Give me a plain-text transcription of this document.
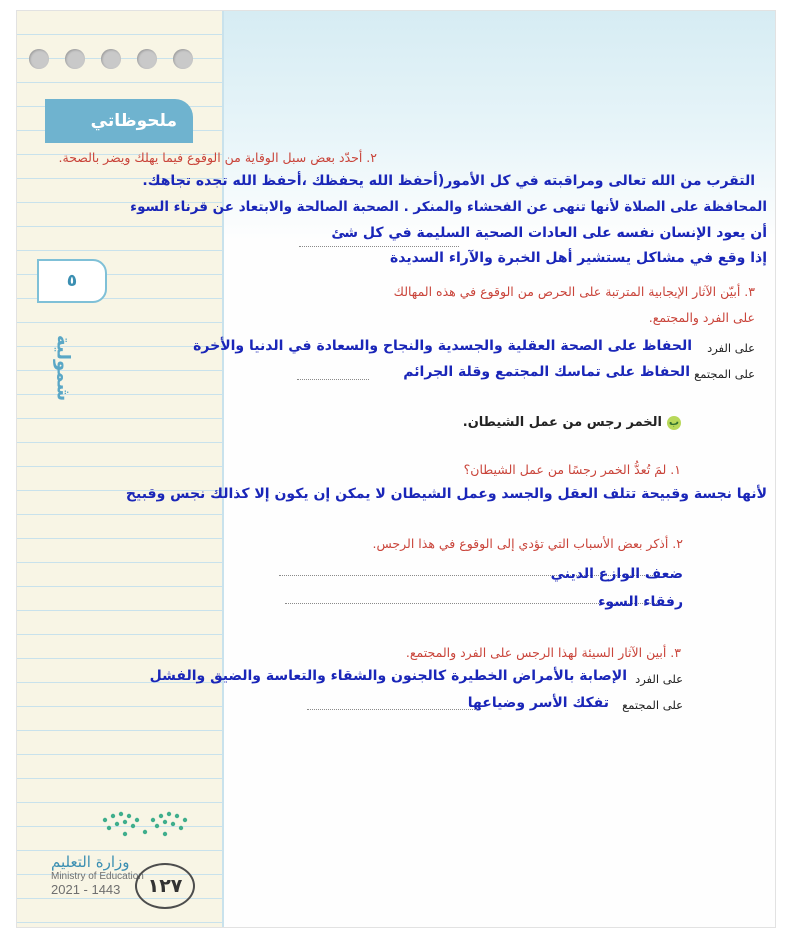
ملحوظاتي
٥
شمولية
وزارة التعليم
Ministry of Education
2021 - 1443	١٢٧
٢. أحدّد بعض سبل الوقاية من الوقوع فيما يهلك ويضر بالصحة.
التقرب من الله تعالى ومراقبته في كل الأمور(أحفظ الله يحفظك ،أحفظ الله تجده تجاهك.
المحافظة على الصلاة لأنها تنهى عن الفحشاء والمنكر . الصحبة الصالحة والابتعاد عن قرناء السوء
أن يعود الإنسان نفسه على العادات الصحية السليمة في كل شئ
إذا وقع في مشاكل يستشير أهل الخبرة والآراء السديدة
٣. أبيّن الآثار الإيجابية المترتبة على الحرص من الوقوع في هذه المهالك
على الفرد والمجتمع.
على الفرد
الحفاظ على الصحة العقلية والجسدية والنجاح والسعادة في الدنيا والأخرة
على المجتمع
الحفاظ على تماسك المجتمع وقلة الجرائم
بالخمر رجس من عمل الشيطان.
١. لمَ تُعدُّ الخمر رجسًا من عمل الشيطان؟
لأنها نجسة وقبيحة تتلف العقل والجسد وعمل الشيطان لا يمكن إن يكون إلا كذالك نجس وقبيح
٢. أذكر بعض الأسباب التي تؤدي إلى الوقوع في هذا الرجس.
ضعف الوازع الديني
رفقاء السوء
٣. أبين الآثار السيئة لهذا الرجس على الفرد والمجتمع.
على الفرد
الإصابة بالأمراض الخطيرة كالجنون والشقاء والتعاسة والضيق والفشل
على المجتمع
تفكك الأسر وضياعها
